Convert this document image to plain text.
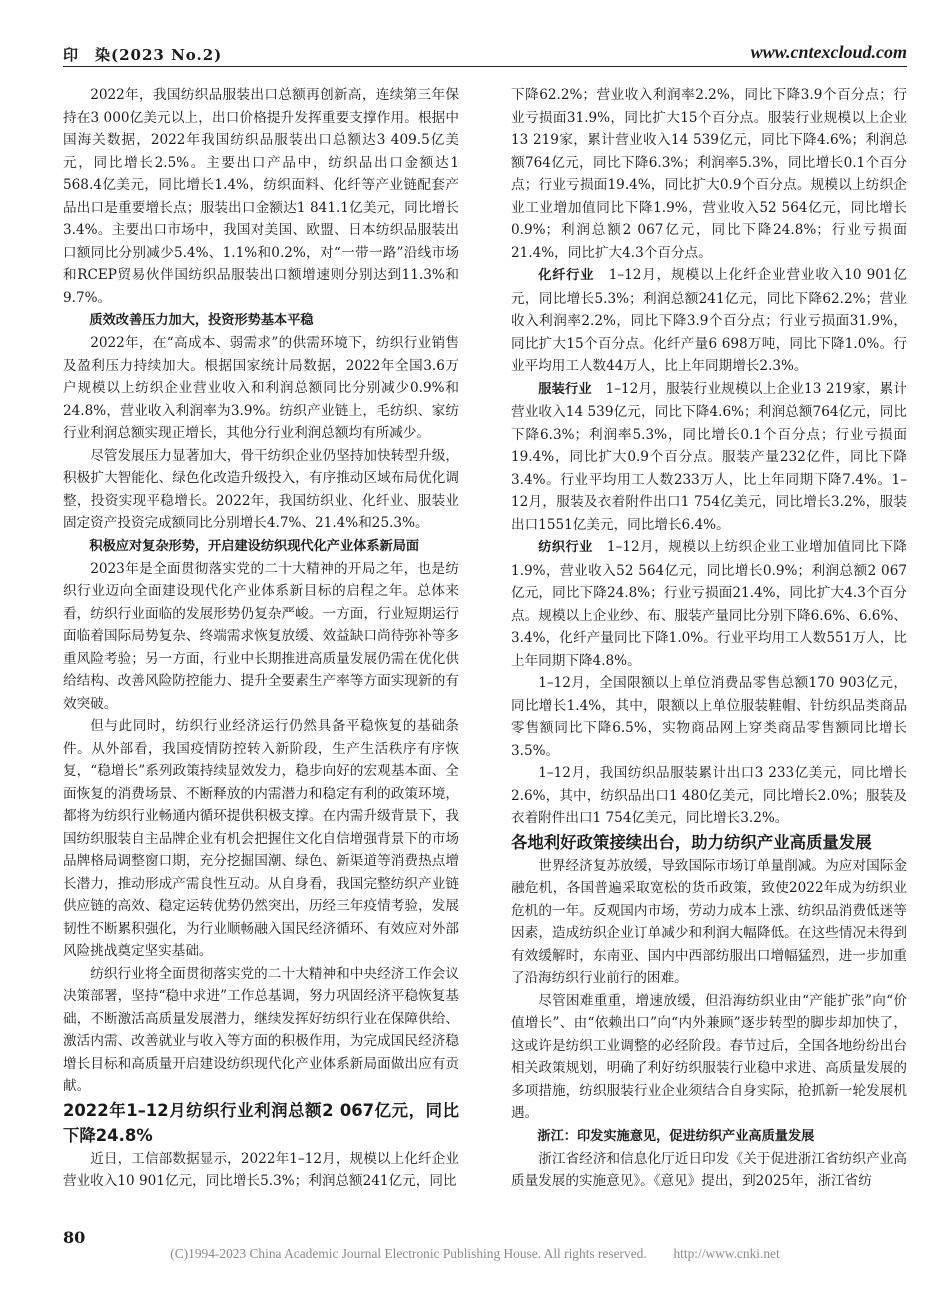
印　染(2023 No.2)	www.cntexcloud.com

2022年，我国纺织品服装出口总额再创新高，连续第三年保持在3 000亿美元以上，出口价格提升发挥重要支撑作用。根据中国海关数据，2022年我国纺织品服装出口总额达3 409.5亿美元，同比增长2.5%。主要出口产品中，纺织品出口金额达1 568.4亿美元，同比增长1.4%，纺织面料、化纤等产业链配套产品出口是重要增长点；服装出口金额达1 841.1亿美元，同比增长3.4%。主要出口市场中，我国对美国、欧盟、日本纺织品服装出口额同比分别减少5.4%、1.1%和0.2%，对“一带一路”沿线市场和RCEP贸易伙伴国纺织品服装出口额增速则分别达到11.3%和9.7%。

质效改善压力加大，投资形势基本平稳

2022年，在“高成本、弱需求”的供需环境下，纺织行业销售及盈利压力持续加大。根据国家统计局数据，2022年全国3.6万户规模以上纺织企业营业收入和利润总额同比分别减少0.9%和24.8%，营业收入利润率为3.9%。纺织产业链上，毛纺织、家纺行业利润总额实现正增长，其他分行业利润总额均有所减少。

尽管发展压力显著加大，骨干纺织企业仍坚持加快转型升级，积极扩大智能化、绿色化改造升级投入，有序推动区域布局优化调整，投资实现平稳增长。2022年，我国纺织业、化纤业、服装业固定资产投资完成额同比分别增长4.7%、21.4%和25.3%。

积极应对复杂形势，开启建设纺织现代化产业体系新局面

2023年是全面贯彻落实党的二十大精神的开局之年，也是纺织行业迈向全面建设现代化产业体系新目标的启程之年。总体来看，纺织行业面临的发展形势仍复杂严峻。一方面，行业短期运行面临着国际局势复杂、终端需求恢复放缓、效益缺口尚待弥补等多重风险考验；另一方面，行业中长期推进高质量发展仍需在优化供给结构、改善风险防控能力、提升全要素生产率等方面实现新的有效突破。

但与此同时，纺织行业经济运行仍然具备平稳恢复的基础条件。从外部看，我国疫情防控转入新阶段，生产生活秩序有序恢复，“稳增长”系列政策持续显效发力，稳步向好的宏观基本面、全面恢复的消费场景、不断释放的内需潜力和稳定有利的政策环境，都将为纺织行业畅通内循环提供积极支撑。在内需升级背景下，我国纺织服装自主品牌企业有机会把握住文化自信增强背景下的市场品牌格局调整窗口期，充分挖掘国潮、绿色、新渠道等消费热点增长潜力，推动形成产需良性互动。从自身看，我国完整纺织产业链供应链的高效、稳定运转优势仍然突出，历经三年疫情考验，发展韧性不断累积强化，为行业顺畅融入国民经济循环、有效应对外部风险挑战奠定坚实基础。

纺织行业将全面贯彻落实党的二十大精神和中央经济工作会议决策部署，坚持“稳中求进”工作总基调，努力巩固经济平稳恢复基础，不断激活高质量发展潜力，继续发挥好纺织行业在保障供给、激活内需、改善就业与收入等方面的积极作用，为完成国民经济稳增长目标和高质量开启建设纺织现代化产业体系新局面做出应有贡献。

2022年1–12月纺织行业利润总额2 067亿元，同比下降24.8%

近日，工信部数据显示，2022年1–12月，规模以上化纤企业营业收入10 901亿元，同比增长5.3%；利润总额241亿元，同比

下降62.2%；营业收入利润率2.2%，同比下降3.9个百分点；行业亏损面31.9%，同比扩大15个百分点。服装行业规模以上企业13 219家，累计营业收入14 539亿元，同比下降4.6%；利润总额764亿元，同比下降6.3%；利润率5.3%，同比增长0.1个百分点；行业亏损面19.4%，同比扩大0.9个百分点。规模以上纺织企业工业增加值同比下降1.9%，营业收入52 564亿元，同比增长0.9%；利润总额2 067亿元，同比下降24.8%；行业亏损面21.4%，同比扩大4.3个百分点。

化纤行业　1–12月，规模以上化纤企业营业收入10 901亿元，同比增长5.3%；利润总额241亿元，同比下降62.2%；营业收入利润率2.2%，同比下降3.9个百分点；行业亏损面31.9%，同比扩大15个百分点。化纤产量6 698万吨，同比下降1.0%。行业平均用工人数44万人，比上年同期增长2.3%。

服装行业　1–12月，服装行业规模以上企业13 219家，累计营业收入14 539亿元，同比下降4.6%；利润总额764亿元，同比下降6.3%；利润率5.3%，同比增长0.1个百分点；行业亏损面19.4%，同比扩大0.9个百分点。服装产量232亿件，同比下降3.4%。行业平均用工人数233万人，比上年同期下降7.4%。1–12月，服装及衣着附件出口1 754亿美元，同比增长3.2%，服装出口1551亿美元，同比增长6.4%。

纺织行业　1–12月，规模以上纺织企业工业增加值同比下降1.9%，营业收入52 564亿元，同比增长0.9%；利润总额2 067亿元，同比下降24.8%；行业亏损面21.4%，同比扩大4.3个百分点。规模以上企业纱、布、服装产量同比分别下降6.6%、6.6%、3.4%，化纤产量同比下降1.0%。行业平均用工人数551万人，比上年同期下降4.8%。

1–12月，全国限额以上单位消费品零售总额170 903亿元，同比增长1.4%，其中，限额以上单位服装鞋帽、针纺织品类商品零售额同比下降6.5%，实物商品网上穿类商品零售额同比增长3.5%。

1–12月，我国纺织品服装累计出口3 233亿美元，同比增长2.6%，其中，纺织品出口1 480亿美元，同比增长2.0%；服装及衣着附件出口1 754亿美元，同比增长3.2%。

各地利好政策接续出台，助力纺织产业高质量发展

世界经济复苏放缓，导致国际市场订单量削减。为应对国际金融危机，各国普遍采取宽松的货币政策，致使2022年成为纺织业危机的一年。反观国内市场，劳动力成本上涨、纺织品消费低迷等因素，造成纺织企业订单减少和利润大幅降低。在这些情况未得到有效缓解时，东南亚、国内中西部纺服出口增幅猛烈，进一步加重了沿海纺织行业前行的困难。

尽管困难重重，增速放缓，但沿海纺织业由“产能扩张”向“价值增长”、由“依赖出口”向“内外兼顾”逐步转型的脚步却加快了，这或许是纺织工业调整的必经阶段。春节过后，全国各地纷纷出台相关政策规划，明确了利好纺织服装行业稳中求进、高质量发展的多项措施，纺织服装行业企业须结合自身实际，抢抓新一轮发展机遇。

浙江：印发实施意见，促进纺织产业高质量发展

浙江省经济和信息化厅近日印发《关于促进浙江省纺织产业高质量发展的实施意见》。《意见》提出，到2025年，浙江省纺

80
(C)1994-2023 China Academic Journal Electronic Publishing House. All rights reserved.　　http://www.cnki.net
